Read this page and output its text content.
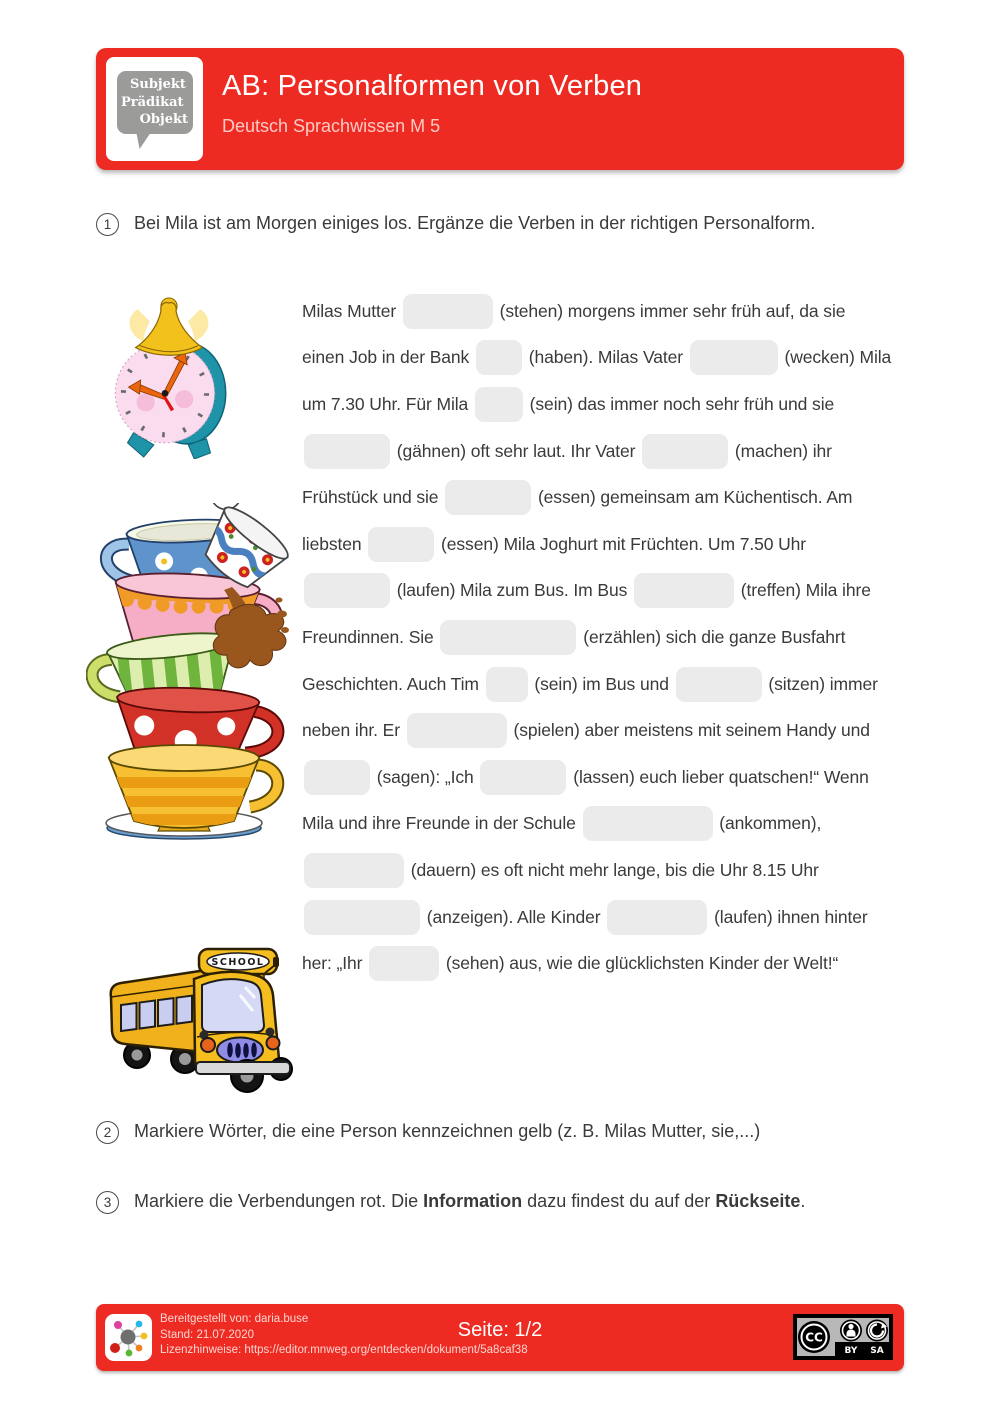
Subjekt
Prädikat
Objekt
AB: Personalformen von Verben
Deutsch Sprachwissen M 5
1	Bei Mila ist am Morgen einiges los. Ergänze die Verben in der richtigen Personalform.
SCHOOL
Milas Mutter	(stehen) morgens immer sehr früh auf, da sie
einen Job in der Bank	(haben). Milas Vater	(wecken) Mila
um 7.30 Uhr. Für Mila	(sein) das immer noch sehr früh und sie
(gähnen) oft sehr laut. Ihr Vater	(machen) ihr
Frühstück und sie	(essen) gemeinsam am Küchentisch. Am
liebsten	(essen) Mila Joghurt mit Früchten. Um 7.50 Uhr
(laufen) Mila zum Bus. Im Bus	(treffen) Mila ihre
Freundinnen. Sie	(erzählen) sich die ganze Busfahrt
Geschichten. Auch Tim	(sein) im Bus und	(sitzen) immer
neben ihr. Er	(spielen) aber meistens mit seinem Handy und
(sagen): „Ich	(lassen) euch lieber quatschen!“ Wenn
Mila und ihre Freunde in der Schule	(ankommen),
(dauern) es oft nicht mehr lange, bis die Uhr 8.15 Uhr
(anzeigen). Alle Kinder	(laufen) ihnen hinter
her: „Ihr	(sehen) aus, wie die glücklichsten Kinder der Welt!“
2	Markiere Wörter, die eine Person kennzeichnen gelb (z. B. Milas Mutter, sie,...)
3	Markiere die Verbendungen rot. Die Information dazu findest du auf der Rückseite.
Bereitgestellt von: daria.buse
Stand: 21.07.2020
Lizenzhinweise: https://editor.mnweg.org/entdecken/dokument/5a8caf38
Seite: 1/2	CC
BY SA
